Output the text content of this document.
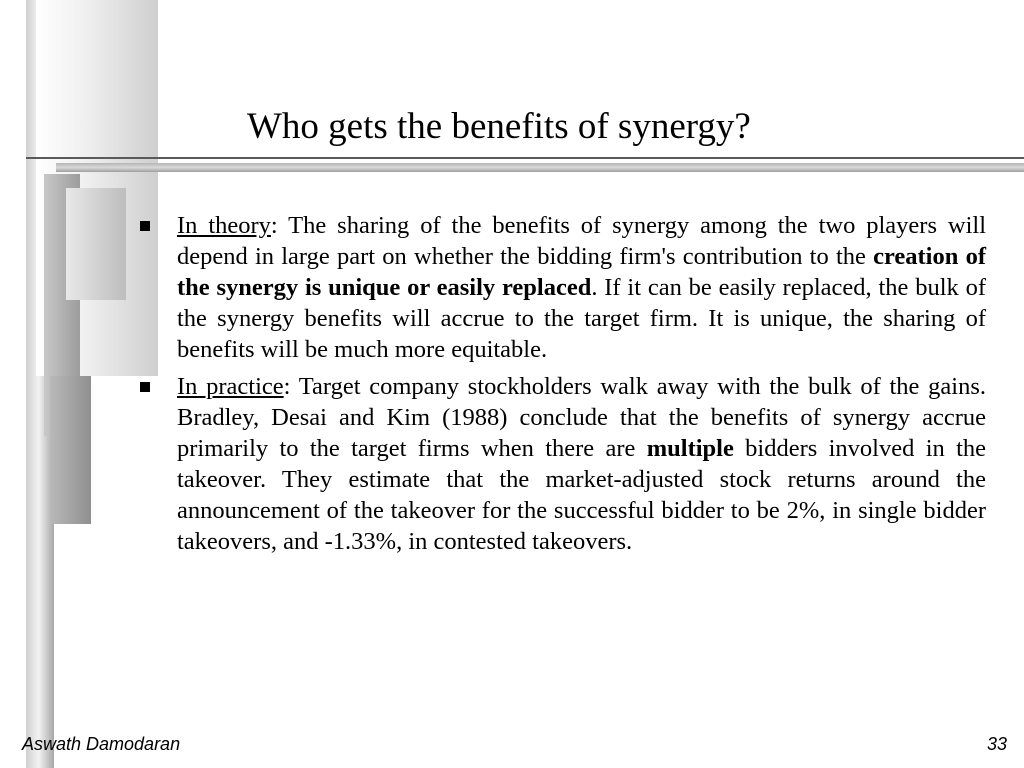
Who gets the benefits of synergy?
In theory: The sharing of the benefits of synergy among the two players will depend in large part on whether the bidding firm's contribution to the creation of the synergy is unique or easily replaced. If it can be easily replaced, the bulk of the synergy benefits will accrue to the target firm. It is unique, the sharing of benefits will be much more equitable.
In practice: Target company stockholders walk away with the bulk of the gains. Bradley, Desai and Kim (1988) conclude that the benefits of synergy accrue primarily to the target firms when there are multiple bidders involved in the takeover. They estimate that the market-adjusted stock returns around the announcement of the takeover for the successful bidder to be 2%, in single bidder takeovers, and -1.33%, in contested takeovers.
Aswath Damodaran	33
